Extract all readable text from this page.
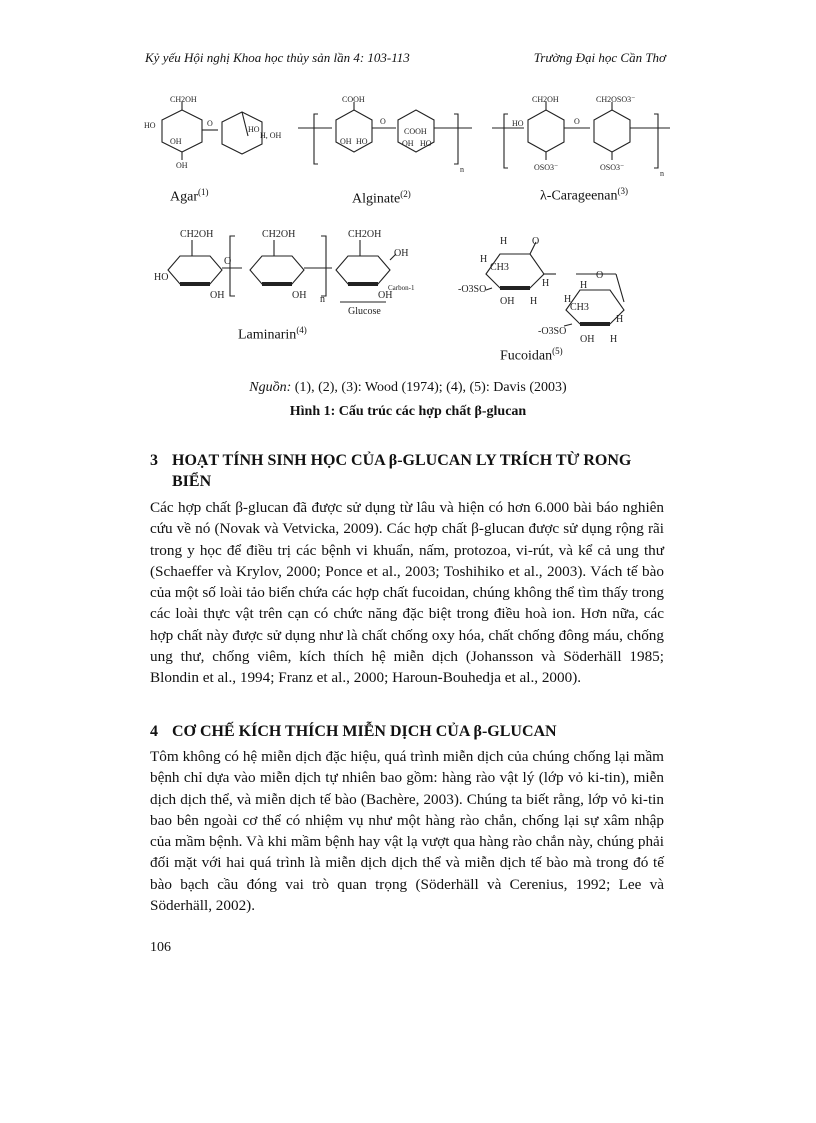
Kỷ yếu Hội nghị Khoa học thủy sản lần 4: 103-113	Trường Đại học Cần Thơ
CH2OH
HO
OH
OH
HO
H, OH
O
Agar$^{(1)}$
COOH
COOH
OH HO	OH HO
O
n
Alginate$^{(2)}$
CH2OH	CH2OSO3⁻
HO
OSO3⁻	OSO3⁻
O
n
λ-Carageenan$^{(3)}$
CH2OH	CH2OH	CH2OH
HO
OH	OH	OH
OH
O
n
Carbon-1
Glucose
Laminarin$^{(4)}$
H O
H
CH3
H
O
-O3SO
OH H	H
H
H
CH3
-O3SO
OH H
Fucoidan$^{(5)}$
Nguồn: (1), (2), (3): Wood (1974); (4), (5): Davis (2003)
Hình 1: Cấu trúc các hợp chất β-glucan
3 HOẠT TÍNH SINH HỌC CỦA β-GLUCAN LY TRÍCH TỪ RONG
BIỂN
Các hợp chất β-glucan đã được sử dụng từ lâu và hiện có hơn 6.000 bài báo nghiên cứu về nó (Novak và Vetvicka, 2009). Các hợp chất β-glucan được sử dụng rộng rãi trong y học để điều trị các bệnh vi khuẩn, nấm, protozoa, vi-rút, và kể cả ung thư (Schaeffer và Krylov, 2000; Ponce et al., 2003; Toshihiko et al., 2003). Vách tế bào của một số loài tảo biển chứa các hợp chất fucoidan, chúng không thể tìm thấy trong các loài thực vật trên cạn có chức năng đặc biệt trong điều hoà ion. Hơn nữa, các hợp chất này được sử dụng như là chất chống oxy hóa, chất chống đông máu, chống ung thư, chống viêm, kích thích hệ miễn dịch (Johansson và Söderhäll 1985; Blondin et al., 1994; Franz et al., 2000; Haroun-Bouhedja et al., 2000).
4 CƠ CHẾ KÍCH THÍCH MIỄN DỊCH CỦA β-GLUCAN
Tôm không có hệ miễn dịch đặc hiệu, quá trình miễn dịch của chúng chống lại mầm bệnh chỉ dựa vào miễn dịch tự nhiên bao gồm: hàng rào vật lý (lớp vỏ ki-tin), miễn dịch dịch thể, và miễn dịch tế bào (Bachère, 2003). Chúng ta biết rằng, lớp vỏ ki-tin bao bên ngoài cơ thể có nhiệm vụ như một hàng rào chắn, chống lại sự xâm nhập của mầm bệnh. Và khi mầm bệnh hay vật lạ vượt qua hàng rào chắn này, chúng phải đối mặt với hai quá trình là miễn dịch dịch thể và miễn dịch tế bào mà trong đó tế bào bạch cầu đóng vai trò quan trọng (Söderhäll và Cerenius, 1992; Lee và Söderhäll, 2002).
106
